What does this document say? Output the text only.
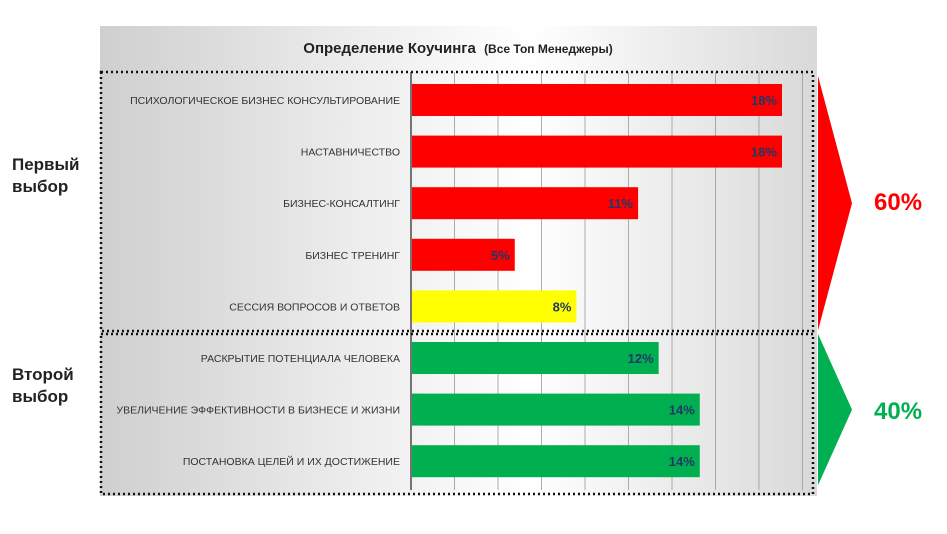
Определение Коучинга (Все Топ Менеджеры)
ПСИХОЛОГИЧЕСКОЕ БИЗНЕС КОНСУЛЬТИРОВАНИЕ	18%
НАСТАВНИЧЕСТВО	18%
БИЗНЕС-КОНСАЛТИНГ	11%
БИЗНЕС ТРЕНИНГ	5%
СЕССИЯ ВОПРОСОВ И ОТВЕТОВ	8%
РАСКРЫТИЕ ПОТЕНЦИАЛА ЧЕЛОВЕКА	12%
УВЕЛИЧЕНИЕ ЭФФЕКТИВНОСТИ В БИЗНЕСЕ И ЖИЗНИ	14%
ПОСТАНОВКА ЦЕЛЕЙ И ИХ ДОСТИЖЕНИЕ	14%
Первый
выбор
Второй
выбор
60%
40%
